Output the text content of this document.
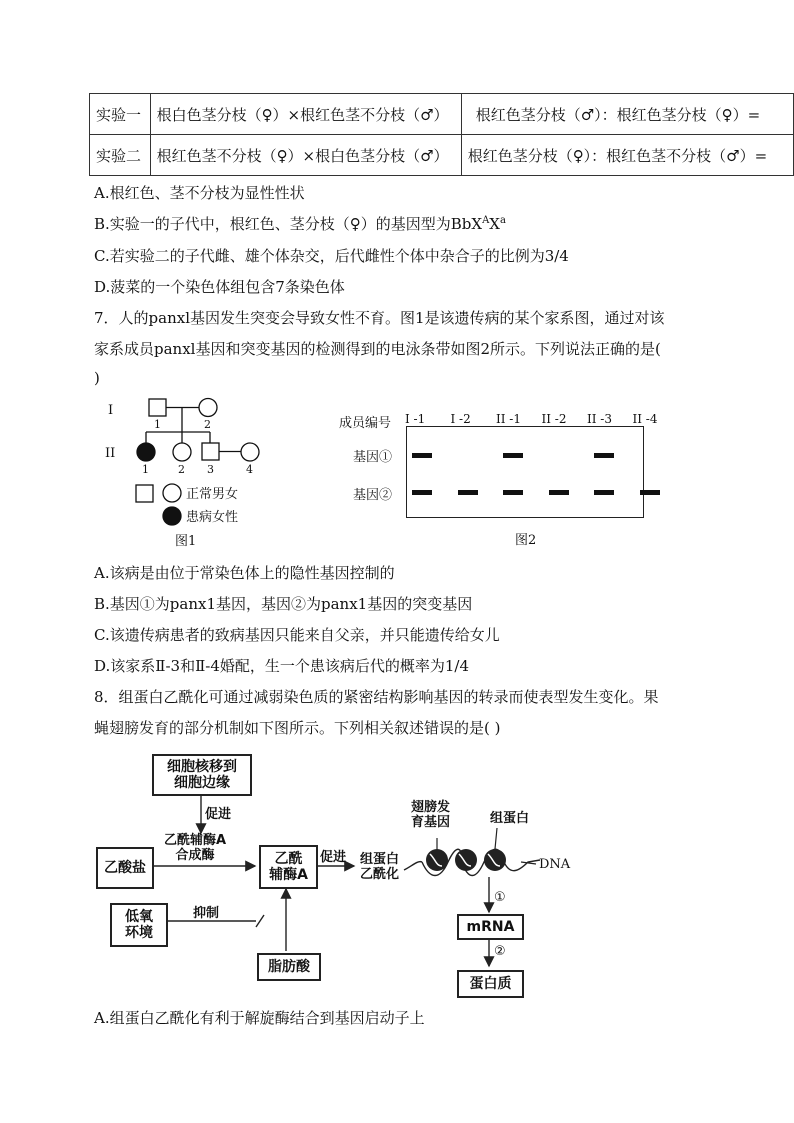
实验一	根白色茎分枝（♀）×根红色茎不分枝（♂）	根红色茎分枝（♂）：根红色茎分枝（♀）=
实验二	根红色茎不分枝（♀）×根白色茎分枝（♂）	根红色茎分枝（♀）：根红色茎不分枝（♂）=
A.根红色、茎不分枝为显性性状
B.实验一的子代中，根红色、茎分枝（♀）的基因型为$BbX^AX^a$
C.若实验二的子代雌、雄个体杂交，后代雌性个体中杂合子的比例为3/4
D.菠菜的一个染色体组包含7条染色体
7．人的panxl基因发生突变会导致女性不育。图1是该遗传病的某个家系图，通过对该
家系成员panxl基因和突变基因的检测得到的电泳条带如图2所示。下列说法正确的是(
)
I
II
1	2
1	2 3	4
正常男女
患病女性
图1
成员编号
基因①
基因②
I -1 I -2 II -1 II -2 II -3 II -4
图2
A.该病是由位于常染色体上的隐性基因控制的
B.基因①为panx1基因，基因②为panx1基因的突变基因
C.该遗传病患者的致病基因只能来自父亲，并只能遗传给女儿
D.该家系Ⅱ-3和Ⅱ-4婚配，生一个患该病后代的概率为1/4
8．组蛋白乙酰化可通过减弱染色质的紧密结构影响基因的转录而使表型发生变化。果
蝇翅膀发育的部分机制如下图所示。下列相关叙述错误的是( )
细胞核移到
细胞边缘
促进
乙酰辅酶A
合成酶
乙酸盐
乙酰
辅酶A
促进 组蛋白
乙酰化
低氧
环境
抑制
脂肪酸
翅膀发
育基因	组蛋白
DNA
①
mRNA
②
蛋白质
A.组蛋白乙酰化有利于解旋酶结合到基因启动子上
